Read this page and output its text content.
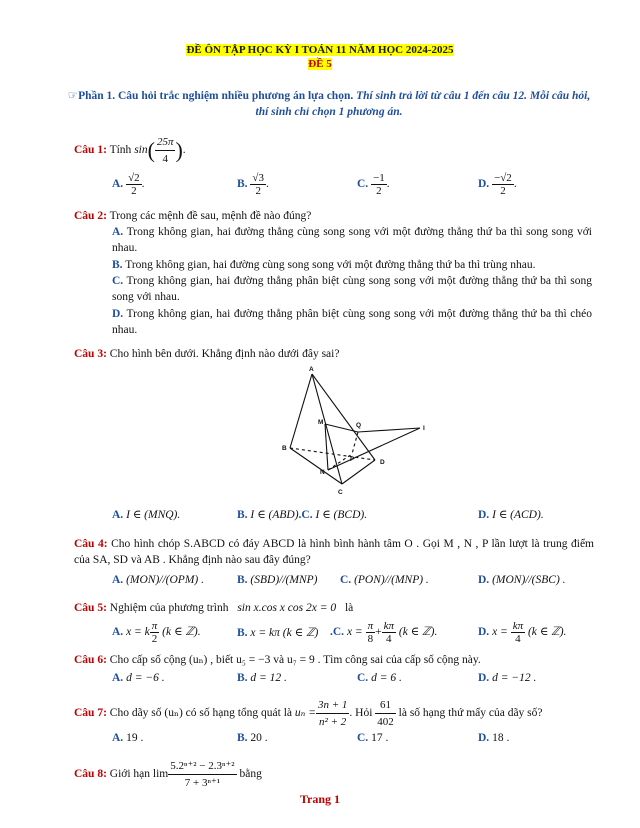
ĐỀ ÔN TẬP HỌC KỲ I TOÁN 11 NĂM HỌC 2024-2025
ĐỀ 5
☞Phần 1. Câu hỏi trắc nghiệm nhiều phương án lựa chọn. Thí sinh trả lời từ câu 1 đến câu 12. Mỗi câu hỏi, thí sinh chỉ chọn 1 phương án.
Câu 1: Tính $\sin( \frac{25\pi}{4}$ ).
A. $\frac{√2}{2}$ .	B. $\frac{√3}{2}$ .	C. $\frac{-1}{2}$ .	D. $\frac{-√2}{2}$ .
Câu 2: Trong các mệnh đề sau, mệnh đề nào đúng?
A. Trong không gian, hai đường thẳng cùng song song với một đường thẳng thứ ba thì song song với nhau.
B. Trong không gian, hai đường cùng song song với một đường thẳng thứ ba thì trùng nhau.
C. Trong không gian, hai đường thẳng phân biệt cùng song song với một đường thẳng thứ ba thì song song với nhau.
D. Trong không gian, hai đường thẳng phân biệt cùng song song với một đường thẳng thứ ba thì chéo nhau.
Câu 3: Cho hình bên dưới. Khẳng định nào dưới đây sai?
A
M	Q	I
B
P	D
N
C
A. I ∈ (MNQ).	B. I ∈ (ABD).C. I ∈ (BCD).	D. I ∈ (ACD).
Câu 4: Cho hình chóp S.ABCD có đáy ABCD là hình bình hành tâm O . Gọi M , N , P lần lượt là trung điểm của SA, SD và AB . Khẳng định nào sau đây đúng?
A. (MON)//(OPM) .	B. (SBD)//(MNP) C. (PON)//(MNP) .	D. (MON)//(SBC) .
Câu 5: Nghiệm của phương trình sin x.cos x cos 2x = 0 là
A. x = k $\frac{\pi}{2} (k$ ∈ ℤ).	B. x = kπ (k ∈ ℤ) .C. $x = \frac{\pi}{8} + \frac{k\pi}{4} (k$ ∈ ℤ).	D. $x = \frac{k\pi}{4} (k$ ∈ ℤ).
Câu 6: Cho cấp số cộng (uₙ) , biết u₅ = −3 và u₇ = 9 . Tìm công sai của cấp số cộng này.
A. d = −6 .	B. d = 12 .	C. d = 6 .	D. d = −12 .
Câu 7: Cho dãy số (uₙ) có số hạng tổng quát là $u_n = \frac{3n + 1}{\text{n² + 2}}$ . Hỏi $\frac{61}{402}$ là số hạng thứ mấy của dãy số?
A. 19 .	B. 20 .	C. 17 .	D. 18 .
Câu 8: Giới hạn $\lim \frac{\text{5.2ⁿ⁺² − 2.3ⁿ⁺²}}{\text{7 + 3ⁿ⁺¹}}$ bằng
Trang 1
